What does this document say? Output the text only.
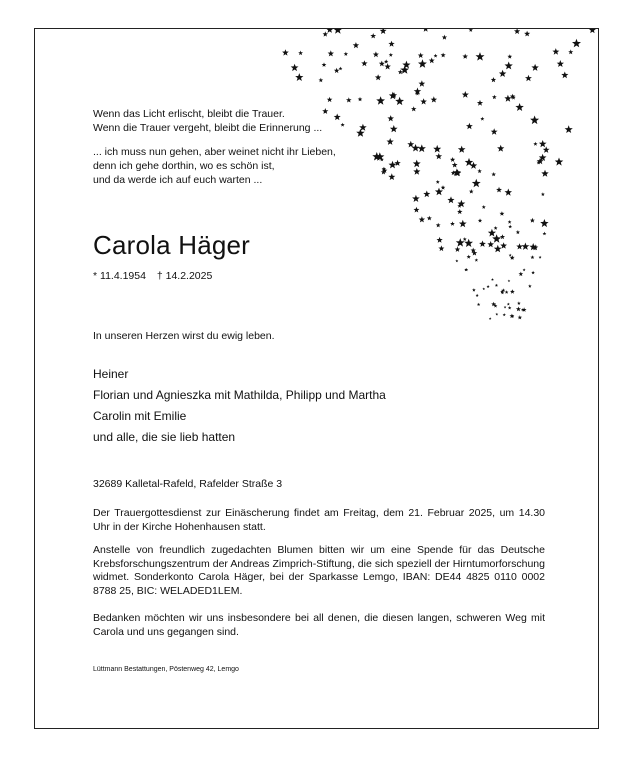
Wenn das Licht erlischt, bleibt die Trauer.
Wenn die Trauer vergeht, bleibt die Erinnerung ...

... ich muss nun gehen, aber weinet nicht ihr Lieben,
denn ich gehe dorthin, wo es schön ist,
und da werde ich auf euch warten ...

Carola Häger
* 11.4.1954 † 14.2.2025
In unseren Herzen wirst du ewig leben.
Heiner
Florian und Agnieszka mit Mathilda, Philipp und Martha
Carolin mit Emilie
und alle, die sie lieb hatten
32689 Kalletal-Rafeld, Rafelder Straße 3

Der Trauergottesdienst zur Einäscherung findet am Freitag, dem 21. Februar 2025, um 14.30 Uhr in der Kirche Hohenhausen statt.

Anstelle von freundlich zugedachten Blumen bitten wir um eine Spende für das Deutsche Krebsforschungszentrum der Andreas Zimprich-Stiftung, die sich speziell der Hirntumorforschung widmet. Sonderkonto Carola Häger, bei der Sparkasse Lemgo, IBAN: DE44 4825 0110 0002 8788 25, BIC: WELADED1LEM.

Bedanken möchten wir uns insbesondere bei all denen, die diesen langen, schweren Weg mit Carola und uns gegangen sind.

Lüttmann Bestattungen, Pöstenweg 42, Lemgo
